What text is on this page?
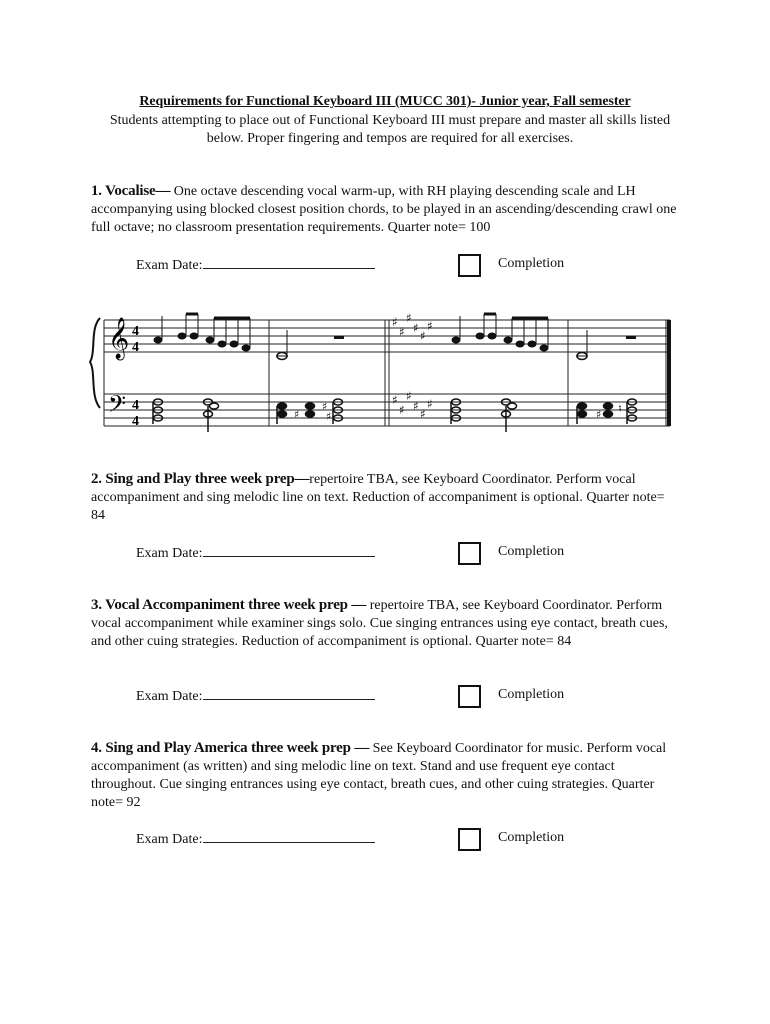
Requirements for Functional Keyboard III (MUCC 301)- Junior year, Fall semester
Students attempting to place out of Functional Keyboard III must prepare and master all skills listed below. Proper fingering and tempos are required for all exercises.
1. Vocalise— One octave descending vocal warm-up, with RH playing descending scale and LH accompanying using blocked closest position chords, to be played in an ascending/descending crawl one full octave; no classroom presentation requirements. Quarter note= 100
Exam Date:	Completion
𝄞
𝄢
4
4
4
4
♯
♯
♯
♯
♯
♯
♯
♯
♯
♯
♯
♯
♯
♯
♯	♯ ♮
2. Sing and Play three week prep—repertoire TBA, see Keyboard Coordinator. Perform vocal accompaniment and sing melodic line on text. Reduction of accompaniment is optional. Quarter note= 84
Exam Date:	Completion
3. Vocal Accompaniment three week prep — repertoire TBA, see Keyboard Coordinator. Perform vocal accompaniment while examiner sings solo. Cue singing entrances using eye contact, breath cues, and other cuing strategies. Reduction of accompaniment is optional. Quarter note= 84
Exam Date:	Completion
4. Sing and Play America three week prep — See Keyboard Coordinator for music. Perform vocal accompaniment (as written) and sing melodic line on text. Stand and use frequent eye contact throughout. Cue singing entrances using eye contact, breath cues, and other cuing strategies. Quarter note= 92
Exam Date:	Completion
